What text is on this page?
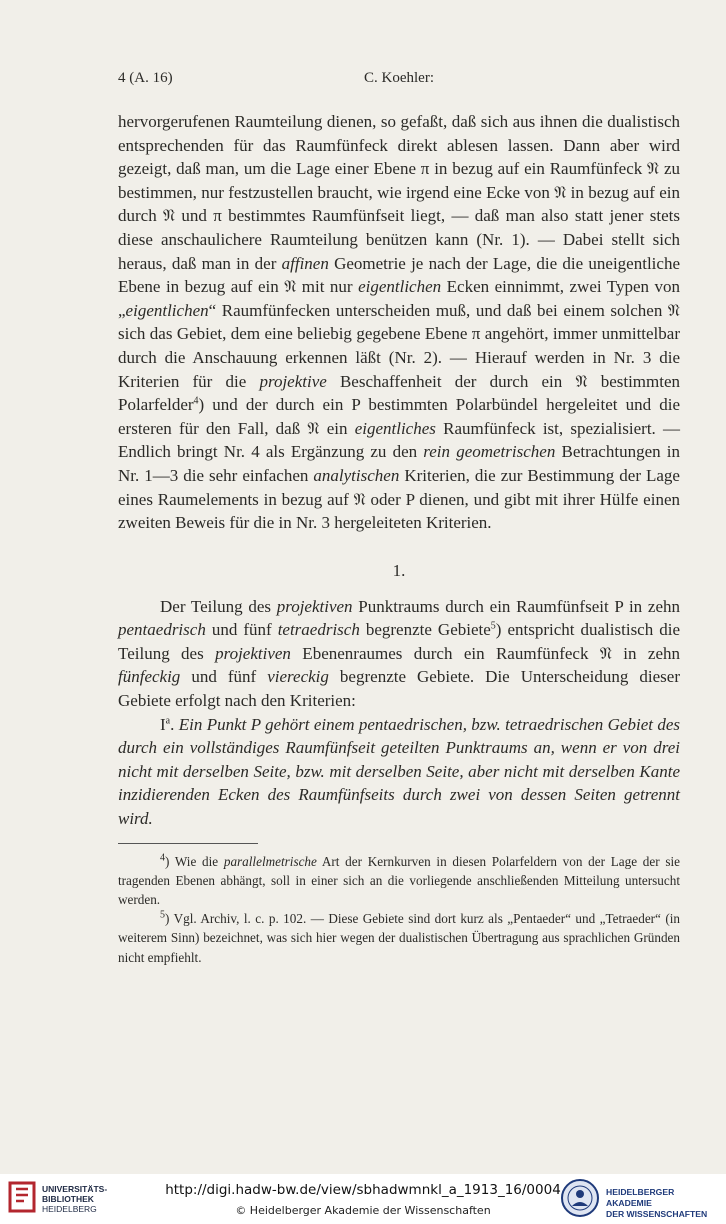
4 (A. 16)	C. Koehler:

hervorgerufenen Raumteilung dienen, so gefaßt, daß sich aus ihnen die dualistisch entsprechenden für das Raumfünfeck direkt ablesen lassen. Dann aber wird gezeigt, daß man, um die Lage einer Ebene π in bezug auf ein Raumfünfeck 𝔑 zu bestimmen, nur festzustellen braucht, wie irgend eine Ecke von 𝔑 in bezug auf ein durch 𝔑 und π bestimmtes Raumfünfseit liegt, — daß man also statt jener stets diese anschaulichere Raumteilung benützen kann (Nr. 1). — Dabei stellt sich heraus, daß man in der affinen Geometrie je nach der Lage, die die uneigentliche Ebene in bezug auf ein 𝔑 mit nur eigentlichen Ecken einnimmt, zwei Typen von „eigentlichen“ Raumfünfecken unterscheiden muß, und daß bei einem solchen 𝔑 sich das Gebiet, dem eine beliebig gegebene Ebene π angehört, immer unmittelbar durch die Anschauung erkennen läßt (Nr. 2). — Hierauf werden in Nr. 3 die Kriterien für die projektive Beschaffenheit der durch ein 𝔑 bestimmten Polarfelder$^4$) und der durch ein P bestimmten Polarbündel hergeleitet und die ersteren für den Fall, daß 𝔑 ein eigentliches Raumfünfeck ist, spezialisiert. — Endlich bringt Nr. 4 als Ergänzung zu den rein geometrischen Betrachtungen in Nr. 1—3 die sehr einfachen analytischen Kriterien, die zur Bestimmung der Lage eines Raumelements in bezug auf 𝔑 oder P dienen, und gibt mit ihrer Hülfe einen zweiten Beweis für die in Nr. 3 hergeleiteten Kriterien.

1.

Der Teilung des projektiven Punktraums durch ein Raumfünfseit P in zehn pentaedrisch und fünf tetraedrisch begrenzte Gebiete$^5$) entspricht dualistisch die Teilung des projektiven Ebenenraumes durch ein Raumfünfeck 𝔑 in zehn fünfeckig und fünf viereckig begrenzte Gebiete. Die Unterscheidung dieser Gebiete erfolgt nach den Kriterien:

$I^a$. Ein Punkt P gehört einem pentaedrischen, bzw. tetraedrischen Gebiet des durch ein vollständiges Raumfünfseit geteilten Punktraums an, wenn er von drei nicht mit derselben Seite, bzw. mit derselben Seite, aber nicht mit derselben Kante inzidierenden Ecken des Raumfünfseits durch zwei von dessen Seiten getrennt wird.

$^4$) Wie die parallelmetrische Art der Kernkurven in diesen Polarfeldern von der Lage der sie tragenden Ebenen abhängt, soll in einer sich an die vorliegende anschließenden Mitteilung untersucht werden.

$^5$) Vgl. Archiv, l. c. p. 102. — Diese Gebiete sind dort kurz als „Pentaeder“ und „Tetraeder“ (in weiterem Sinn) bezeichnet, was sich hier wegen der dualistischen Übertragung aus sprachlichen Gründen nicht empfiehlt.

UNIVERSITÄTS-
BIBLIOTHEK
HEIDELBERG
http://digi.hadw-bw.de/view/sbhadwmnkl_a_1913_16/0004
© Heidelberger Akademie der Wissenschaften
HEIDELBERGER AKADEMIE
DER WISSENSCHAFTEN
